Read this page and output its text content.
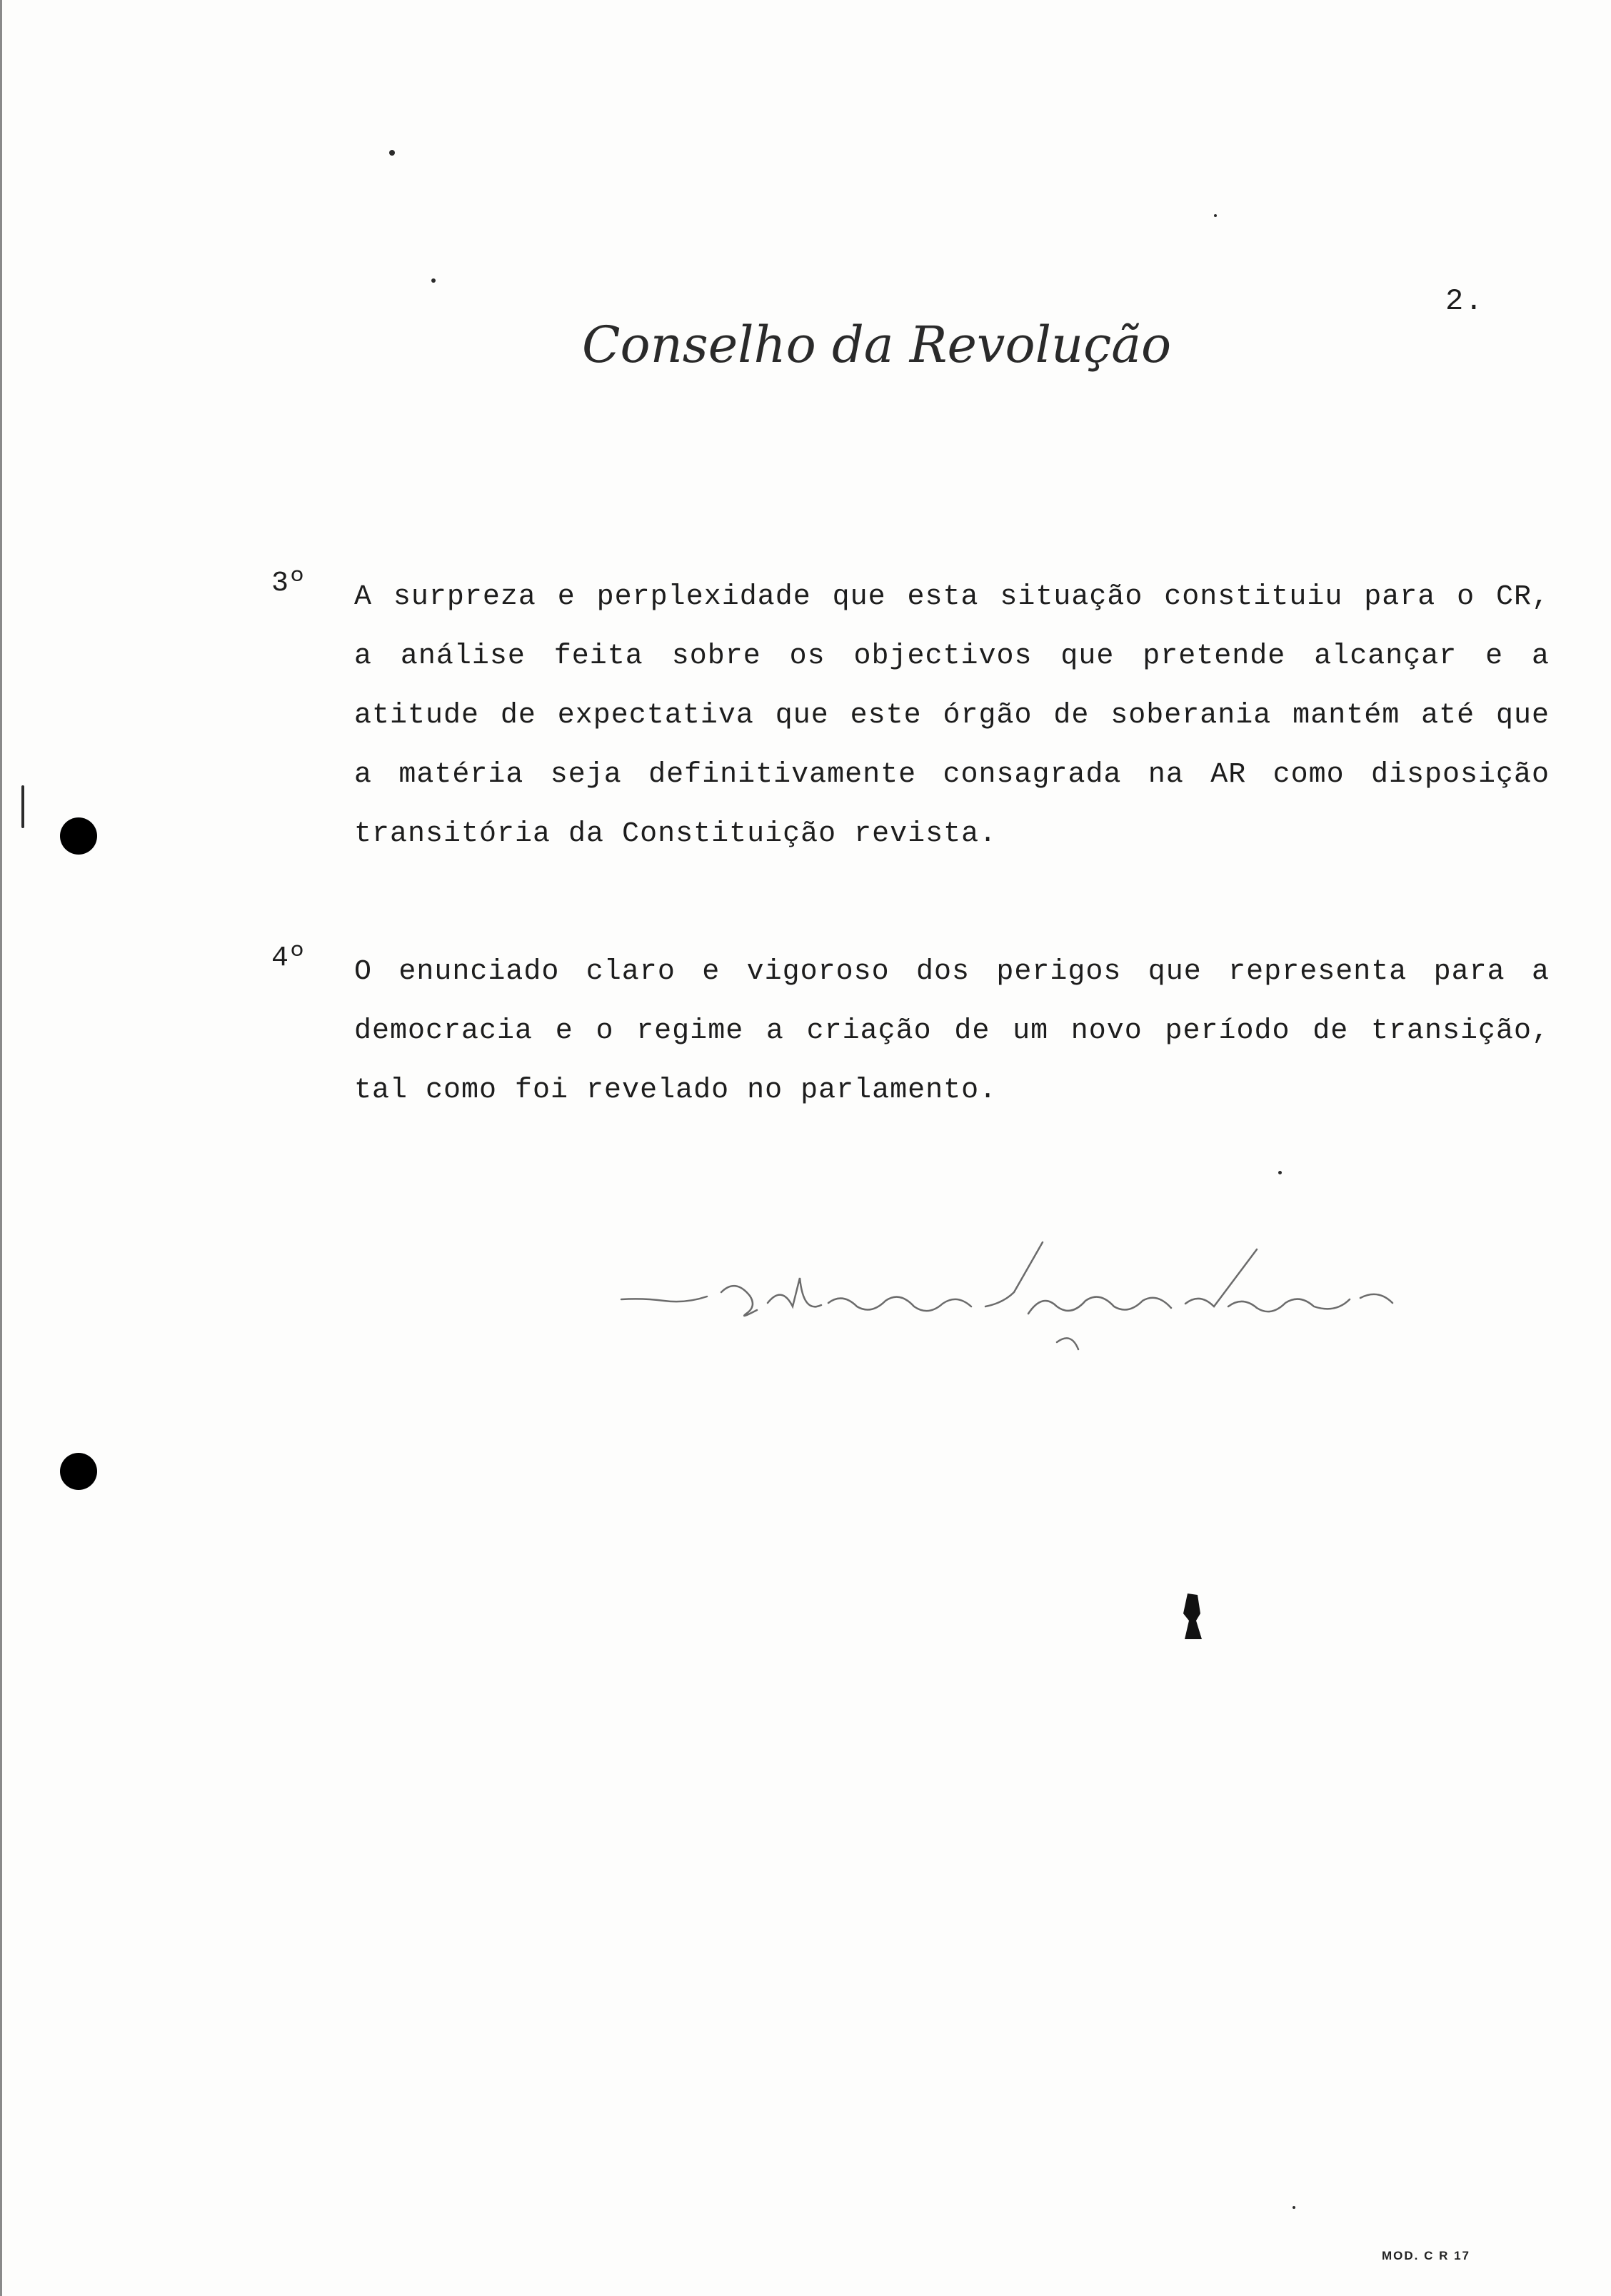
2.
Conselho da Revolução
3º A surpreza e perplexidade que esta situação constituiu para o CR, a análise feita sobre os objectivos que pretende alcançar e a atitude de expectativa que este órgão de soberania mantém até que a matéria seja definitivamente consagrada na AR como disposição transitória da Constituição revista.

4º O enunciado claro e vigoroso dos perigos que representa para a democracia e o regime a criação de um novo período de transição, tal como foi revelado no parlamento.

MOD. C R 17
